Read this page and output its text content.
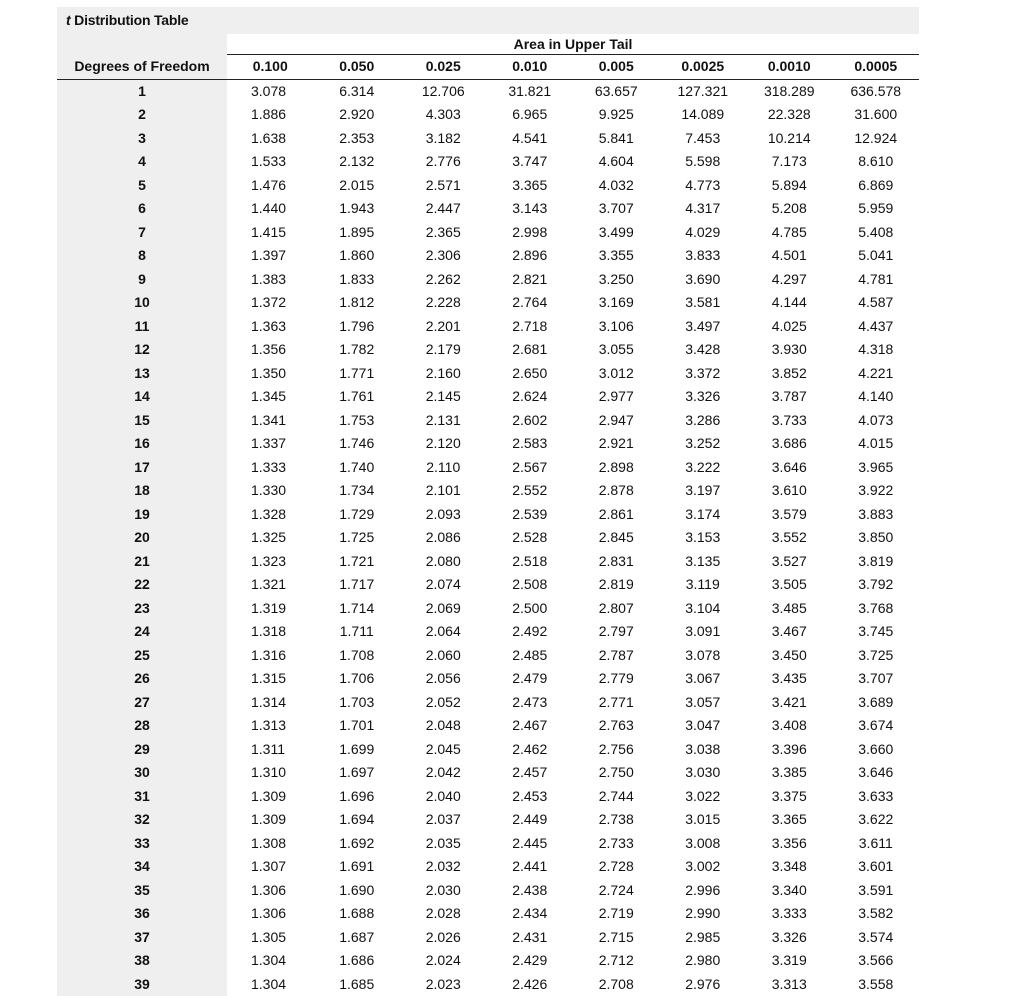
t Distribution Table
	Area in Upper Tail							
Degrees of Freedom	0.100	0.050	0.025	0.010	0.005	0.0025	0.0010	0.0005
1	3.078	6.314	12.706	31.821	63.657	127.321	318.289	636.578
2	1.886	2.920	4.303	6.965	9.925	14.089	22.328	31.600
3	1.638	2.353	3.182	4.541	5.841	7.453	10.214	12.924
4	1.533	2.132	2.776	3.747	4.604	5.598	7.173	8.610
5	1.476	2.015	2.571	3.365	4.032	4.773	5.894	6.869
6	1.440	1.943	2.447	3.143	3.707	4.317	5.208	5.959
7	1.415	1.895	2.365	2.998	3.499	4.029	4.785	5.408
8	1.397	1.860	2.306	2.896	3.355	3.833	4.501	5.041
9	1.383	1.833	2.262	2.821	3.250	3.690	4.297	4.781
10	1.372	1.812	2.228	2.764	3.169	3.581	4.144	4.587
11	1.363	1.796	2.201	2.718	3.106	3.497	4.025	4.437
12	1.356	1.782	2.179	2.681	3.055	3.428	3.930	4.318
13	1.350	1.771	2.160	2.650	3.012	3.372	3.852	4.221
14	1.345	1.761	2.145	2.624	2.977	3.326	3.787	4.140
15	1.341	1.753	2.131	2.602	2.947	3.286	3.733	4.073
16	1.337	1.746	2.120	2.583	2.921	3.252	3.686	4.015
17	1.333	1.740	2.110	2.567	2.898	3.222	3.646	3.965
18	1.330	1.734	2.101	2.552	2.878	3.197	3.610	3.922
19	1.328	1.729	2.093	2.539	2.861	3.174	3.579	3.883
20	1.325	1.725	2.086	2.528	2.845	3.153	3.552	3.850
21	1.323	1.721	2.080	2.518	2.831	3.135	3.527	3.819
22	1.321	1.717	2.074	2.508	2.819	3.119	3.505	3.792
23	1.319	1.714	2.069	2.500	2.807	3.104	3.485	3.768
24	1.318	1.711	2.064	2.492	2.797	3.091	3.467	3.745
25	1.316	1.708	2.060	2.485	2.787	3.078	3.450	3.725
26	1.315	1.706	2.056	2.479	2.779	3.067	3.435	3.707
27	1.314	1.703	2.052	2.473	2.771	3.057	3.421	3.689
28	1.313	1.701	2.048	2.467	2.763	3.047	3.408	3.674
29	1.311	1.699	2.045	2.462	2.756	3.038	3.396	3.660
30	1.310	1.697	2.042	2.457	2.750	3.030	3.385	3.646
31	1.309	1.696	2.040	2.453	2.744	3.022	3.375	3.633
32	1.309	1.694	2.037	2.449	2.738	3.015	3.365	3.622
33	1.308	1.692	2.035	2.445	2.733	3.008	3.356	3.611
34	1.307	1.691	2.032	2.441	2.728	3.002	3.348	3.601
35	1.306	1.690	2.030	2.438	2.724	2.996	3.340	3.591
36	1.306	1.688	2.028	2.434	2.719	2.990	3.333	3.582
37	1.305	1.687	2.026	2.431	2.715	2.985	3.326	3.574
38	1.304	1.686	2.024	2.429	2.712	2.980	3.319	3.566
39	1.304	1.685	2.023	2.426	2.708	2.976	3.313	3.558
